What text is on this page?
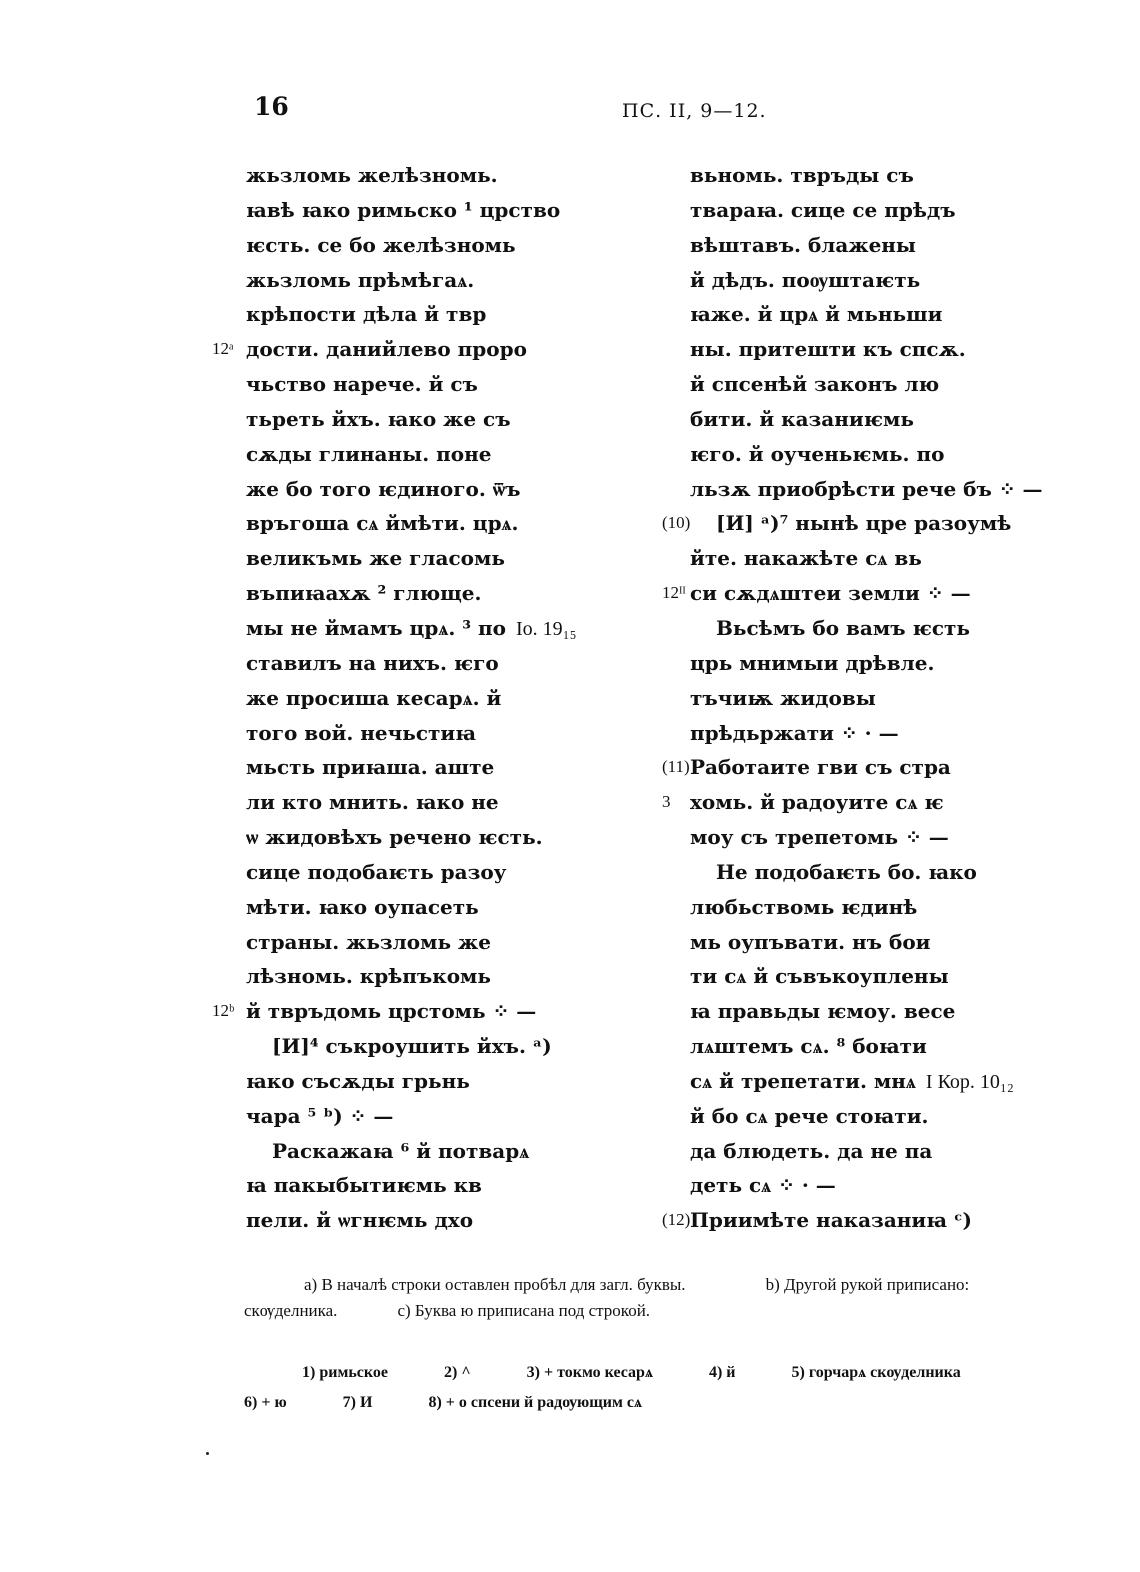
16	ПС. II, 9—12.
жьзломь желѣзномь.
ꙗвѣ ꙗко римьско ¹ црство
ѥсть. се бо желѣзномь
жьзломь прѣмѣгаѧ.
крѣпости дѣла й твр
12ᵃ дости. данийлево проро
чьство нарече. й съ
тьреть йхъ. ꙗко же съ
сѫды глинаны. поне
же бо того ѥдиного. ѿъ
връгоша сѧ ймѣти. црѧ.
великъмь же гласомь
въпиꙗахѫ ² глюще.
мы не ймамъ црѧ. ³ по Io. 19₁₅
ставилъ на нихъ. ѥго
же просиша кесарѧ. й
того вой. нечьстиꙗ
мьсть приꙗша. аште
ли кто мнить. ꙗко не
ѡ жидовѣхъ речено ѥсть.
сице подобаѥть разоу
мѣти. ꙗко оупасеть
страны. жьзломь же
лѣзномь. крѣпъкомь
12ᵇ й твръдомь црстомь ⁘ —
[И]⁴ съкроушить йхъ. ᵃ)
ꙗко съсѫды грьнь
чара ⁵ ᵇ) ⁘ —
Раскажаꙗ ⁶ й потварѧ
ꙗ пакыбытиѥмь кв
пели. й ѡгнѥмь дхо
вьномь. твръды съ
твараꙗ. сице се прѣдъ
вѣштавъ. блажены
й дѣдъ. поѹштаѥть
ꙗже. й црѧ й мьньши
ны. притешти къ спсѫ.
й спсенѣй законъ лю
бити. й казаниѥмь
ѥго. й оученьѥмь. по
льзѫ приобрѣсти рече бъ ⁘ —
(10) [И] ᵃ)⁷ нынѣ цре разоумѣ
йте. накажѣте сѧ вь
12ᴵᴵ си сѫдѧштеи земли ⁘ —
Вьсѣмъ бо вамъ ѥсть
црь мнимыи дрѣвле.
тъчиѭ жидовы
прѣдьржати ⁘ · —
(11) Работаите гви съ стра
3 хомь. й радоуите сѧ ѥ
моу съ трепетомь ⁘ —
Не подобаѥть бо. ꙗко
любьствомь ѥдинѣ
мь оупъвати. нъ бои
ти сѧ й съвъкоуплены
ꙗ правьды ѥмоу. весе
лѧштемъ сѧ. ⁸ боꙗти
сѧ й трепетати. мнѧ I Кор. 10₁₂
й бо сѧ рече стоꙗти.
да блюдеть. да не па
деть сѧ ⁘ · —
(12) Приимѣте наказаниꙗ ᶜ)
а) В началѣ строки оставлен пробѣл для загл. буквы.	b) Другой рукой приписано:
скѹделника.	c) Буква ю приписана под строкой.
1) римьское	2) ^	3) + токмо кесарѧ	4) й	5) горчарѧ скѹделника
6) + ю	7) И	8) + о спсени й радѹющим сѧ
